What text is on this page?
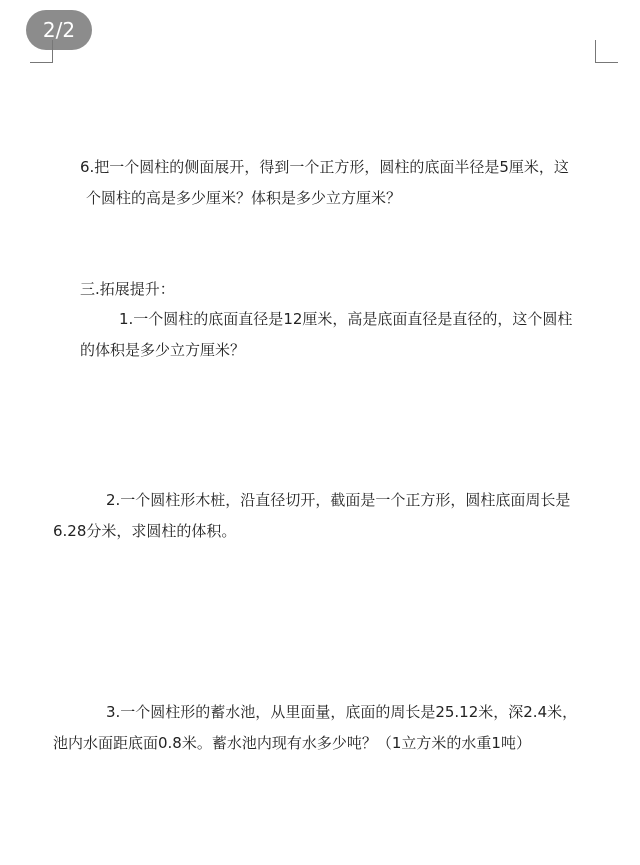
2/2
6.把一个圆柱的侧面展开，得到一个正方形，圆柱的底面半径是5厘米，这
个圆柱的高是多少厘米？体积是多少立方厘米？
三.拓展提升：
1.一个圆柱的底面直径是12厘米，高是底面直径是直径的，这个圆柱
的体积是多少立方厘米？
2.一个圆柱形木桩，沿直径切开，截面是一个正方形，圆柱底面周长是
6.28分米，求圆柱的体积。
3.一个圆柱形的蓄水池，从里面量，底面的周长是25.12米，深2.4米，
池内水面距底面0.8米。蓄水池内现有水多少吨？（1立方米的水重1吨）
